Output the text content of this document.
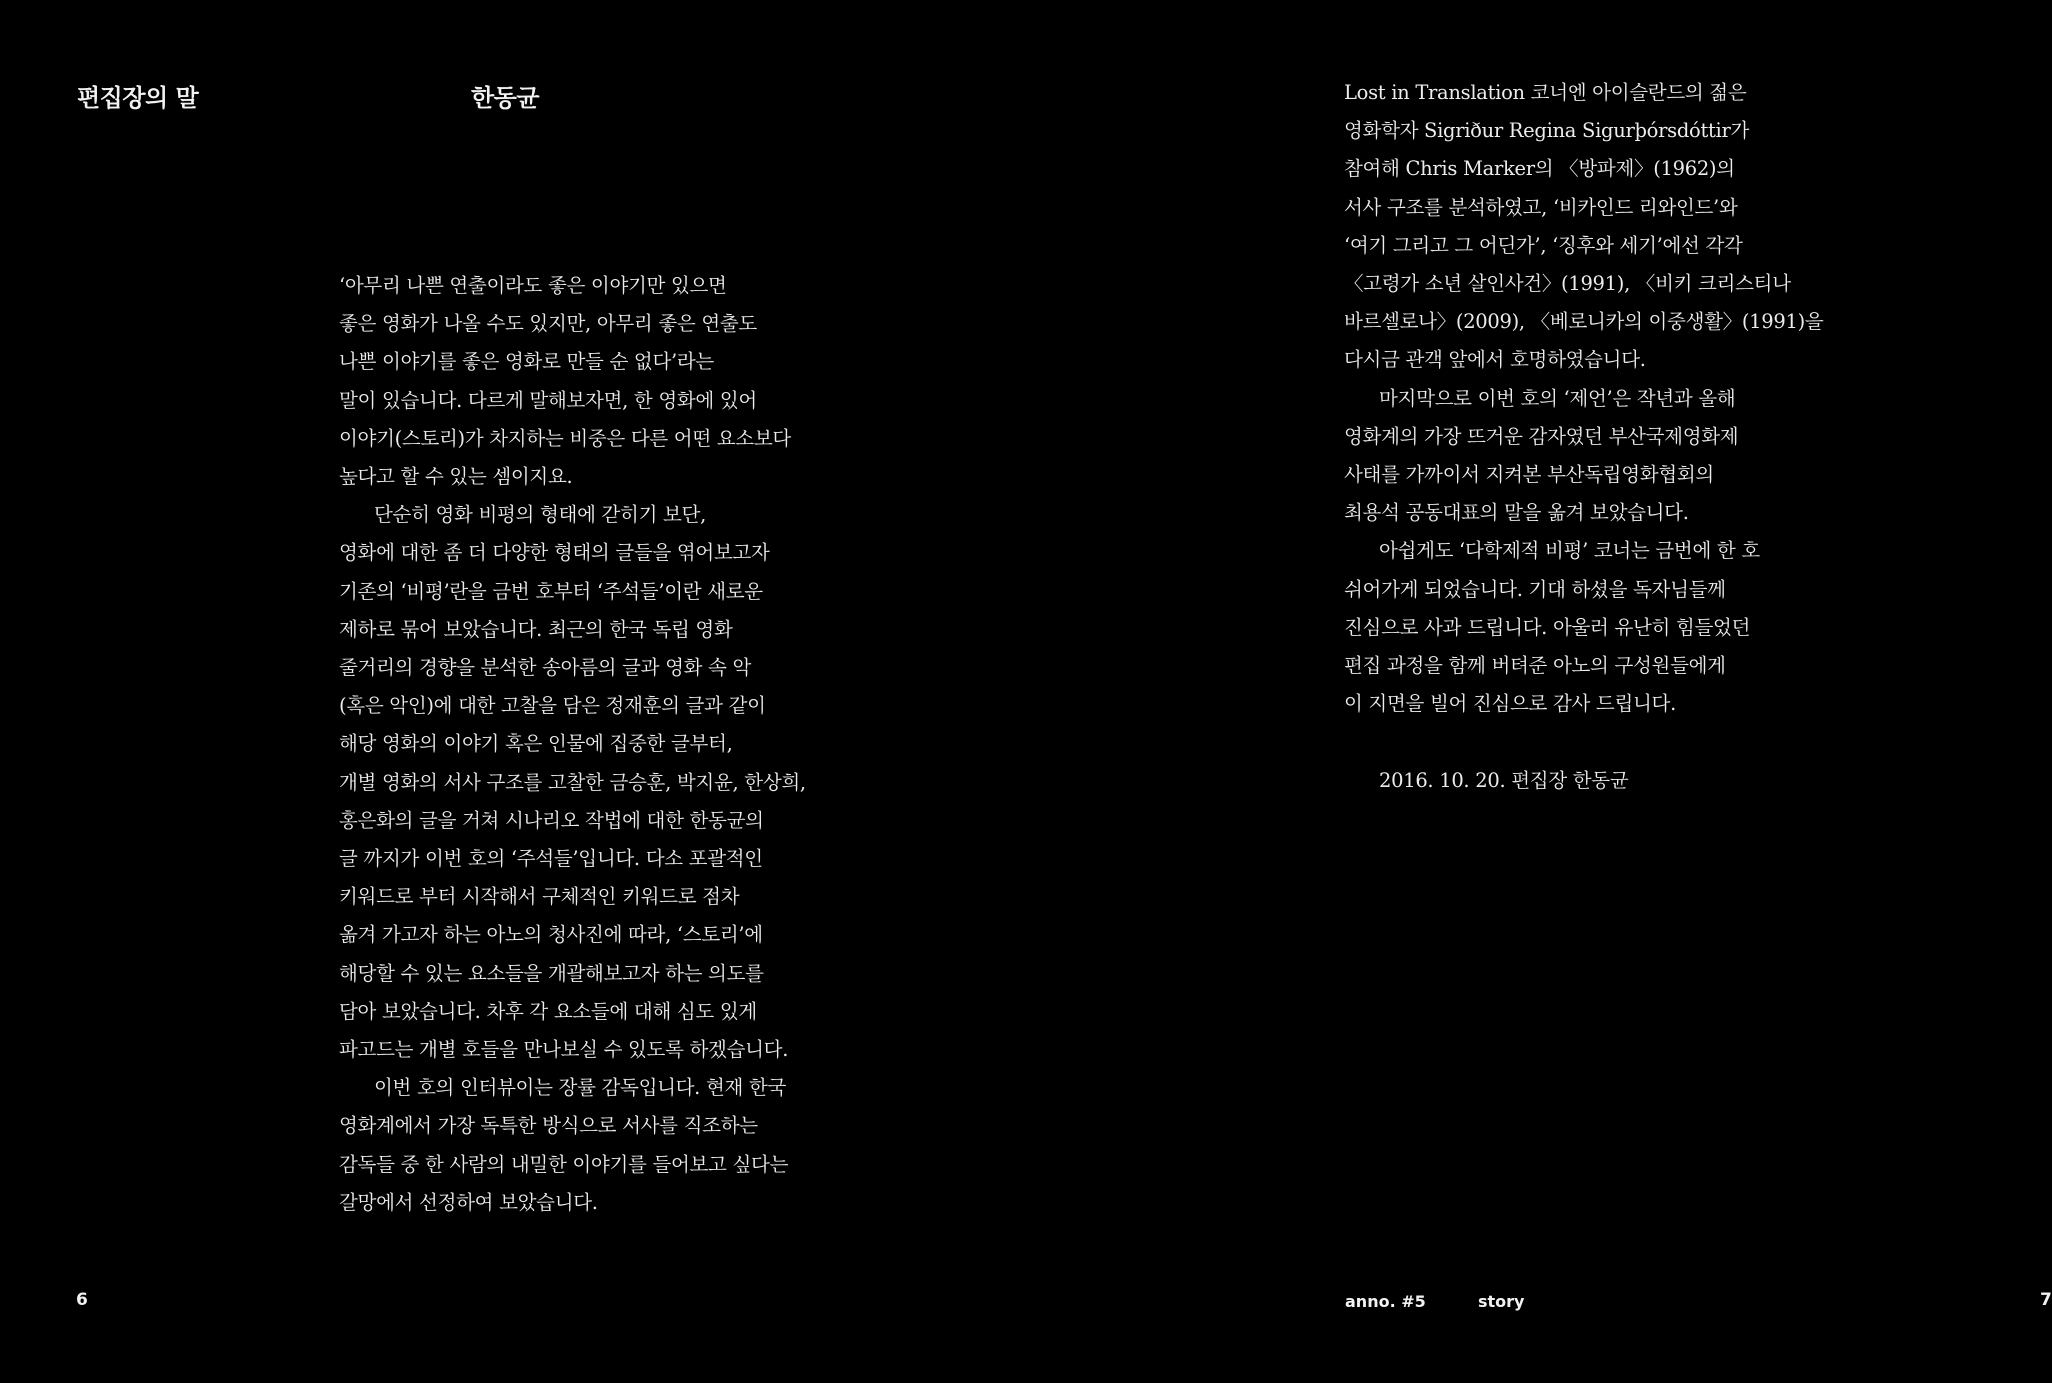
편집장의 말	한동균
‘아무리 나쁜 연출이라도 좋은 이야기만 있으면
좋은 영화가 나올 수도 있지만, 아무리 좋은 연출도
나쁜 이야기를 좋은 영화로 만들 순 없다’라는
말이 있습니다. 다르게 말해보자면, 한 영화에 있어
이야기(스토리)가 차지하는 비중은 다른 어떤 요소보다
높다고 할 수 있는 셈이지요.
단순히 영화 비평의 형태에 갇히기 보단,
영화에 대한 좀 더 다양한 형태의 글들을 엮어보고자
기존의 ‘비평’란을 금번 호부터 ‘주석들’이란 새로운
제하로 묶어 보았습니다. 최근의 한국 독립 영화
줄거리의 경향을 분석한 송아름의 글과 영화 속 악
(혹은 악인)에 대한 고찰을 담은 정재훈의 글과 같이
해당 영화의 이야기 혹은 인물에 집중한 글부터,
개별 영화의 서사 구조를 고찰한 금승훈, 박지윤, 한상희,
홍은화의 글을 거쳐 시나리오 작법에 대한 한동균의
글 까지가 이번 호의 ‘주석들’입니다. 다소 포괄적인
키워드로 부터 시작해서 구체적인 키워드로 점차
옮겨 가고자 하는 아노의 청사진에 따라, ‘스토리’에
해당할 수 있는 요소들을 개괄해보고자 하는 의도를
담아 보았습니다. 차후 각 요소들에 대해 심도 있게
파고드는 개별 호들을 만나보실 수 있도록 하겠습니다.
이번 호의 인터뷰이는 장률 감독입니다. 현재 한국
영화계에서 가장 독특한 방식으로 서사를 직조하는
감독들 중 한 사람의 내밀한 이야기를 들어보고 싶다는
갈망에서 선정하여 보았습니다.
6	7
Lost in Translation 코너엔 아이슬란드의 젊은
영화학자 Sigriður Regina Sigurþórsdóttir가
참여해 Chris Marker의 〈방파제〉(1962)의
서사 구조를 분석하였고, ‘비카인드 리와인드’와
‘여기 그리고 그 어딘가’, ‘징후와 세기’에선 각각
〈고령가 소년 살인사건〉(1991), 〈비키 크리스티나
바르셀로나〉(2009), 〈베로니카의 이중생활〉(1991)을
다시금 관객 앞에서 호명하였습니다.
마지막으로 이번 호의 ‘제언’은 작년과 올해
영화계의 가장 뜨거운 감자였던 부산국제영화제
사태를 가까이서 지켜본 부산독립영화협회의
최용석 공동대표의 말을 옮겨 보았습니다.
아쉽게도 ‘다학제적 비평’ 코너는 금번에 한 호
쉬어가게 되었습니다. 기대 하셨을 독자님들께
진심으로 사과 드립니다. 아울러 유난히 힘들었던
편집 과정을 함께 버텨준 아노의 구성원들에게
이 지면을 빌어 진심으로 감사 드립니다.
2016. 10. 20. 편집장 한동균
anno. #5	story
